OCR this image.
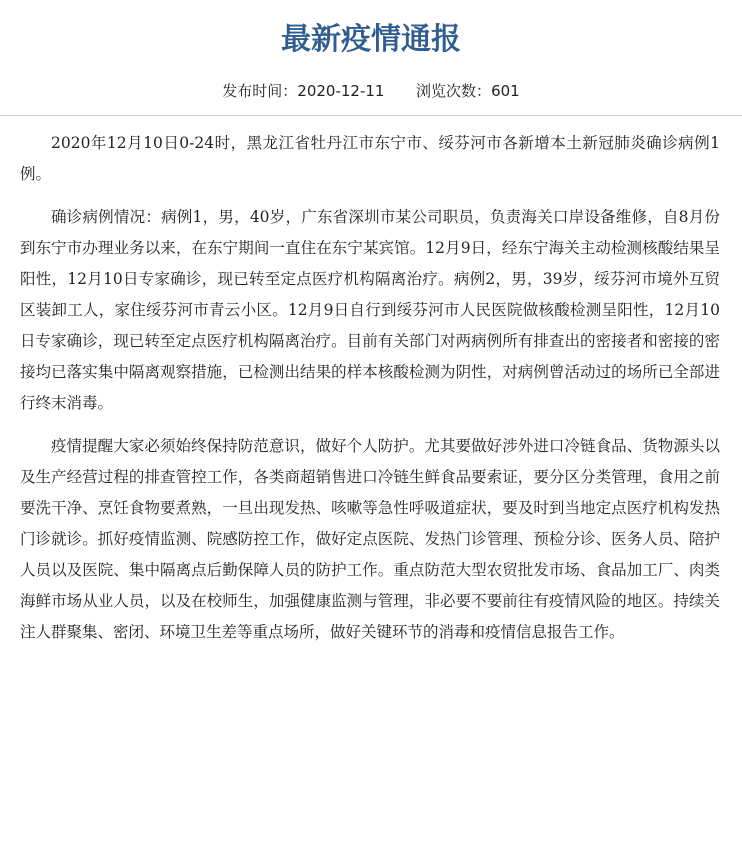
最新疫情通报
发布时间：2020-12-11 浏览次数：601

2020年12月10日0-24时，黑龙江省牡丹江市东宁市、绥芬河市各新增本土新冠肺炎确诊病例1例。

确诊病例情况：病例1，男，40岁，广东省深圳市某公司职员，负责海关口岸设备维修，自8月份到东宁市办理业务以来，在东宁期间一直住在东宁某宾馆。12月9日，经东宁海关主动检测核酸结果呈阳性，12月10日专家确诊，现已转至定点医疗机构隔离治疗。病例2，男，39岁，绥芬河市境外互贸区装卸工人，家住绥芬河市青云小区。12月9日自行到绥芬河市人民医院做核酸检测呈阳性，12月10日专家确诊，现已转至定点医疗机构隔离治疗。目前有关部门对两病例所有排查出的密接者和密接的密接均已落实集中隔离观察措施，已检测出结果的样本核酸检测为阴性，对病例曾活动过的场所已全部进行终末消毒。

疫情提醒大家必须始终保持防范意识，做好个人防护。尤其要做好涉外进口冷链食品、货物源头以及生产经营过程的排查管控工作，各类商超销售进口冷链生鲜食品要索证，要分区分类管理，食用之前要洗干净、烹饪食物要煮熟，一旦出现发热、咳嗽等急性呼吸道症状，要及时到当地定点医疗机构发热门诊就诊。抓好疫情监测、院感防控工作，做好定点医院、发热门诊管理、预检分诊、医务人员、陪护人员以及医院、集中隔离点后勤保障人员的防护工作。重点防范大型农贸批发市场、食品加工厂、肉类海鲜市场从业人员，以及在校师生，加强健康监测与管理，非必要不要前往有疫情风险的地区。持续关注人群聚集、密闭、环境卫生差等重点场所，做好关键环节的消毒和疫情信息报告工作。
